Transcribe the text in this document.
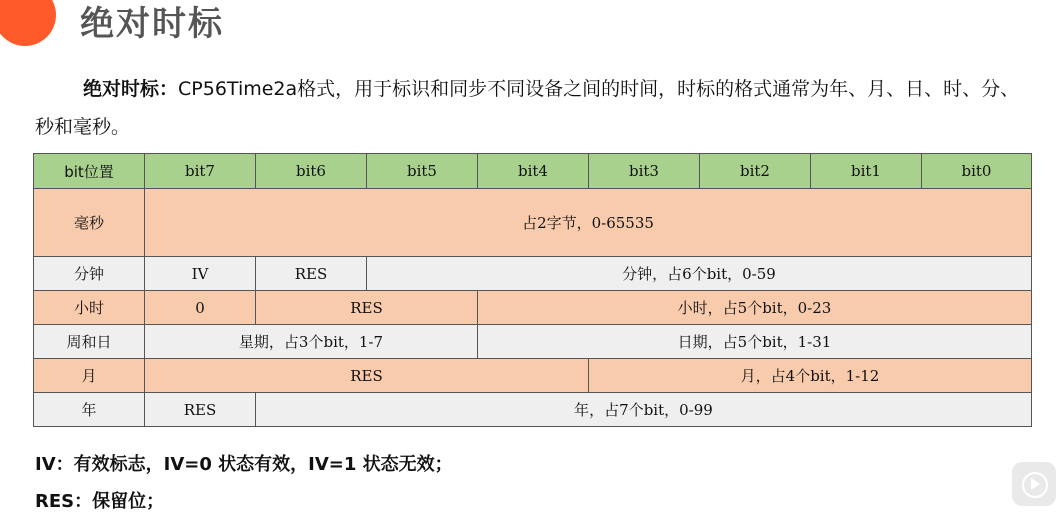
绝对时标
绝对时标：CP56Time2a格式，用于标识和同步不同设备之间的时间，时标的格式通常为年、月、日、时、分、秒和毫秒。
bit位置	bit7	bit6	bit5	bit4	bit3	bit2	bit1	bit0
毫秒	占2字节，0-65535							
分钟	IV	RES	分钟，占6个bit，0-59					
小时	0	RES		小时，占5个bit，0-23				
周和日	星期，占3个bit，1-7			日期，占5个bit，1-31				
月	RES				月，占4个bit，1-12			
年	RES	年，占7个bit，0-99						
IV：有效标志，IV=0 状态有效，IV=1 状态无效；
RES：保留位；
